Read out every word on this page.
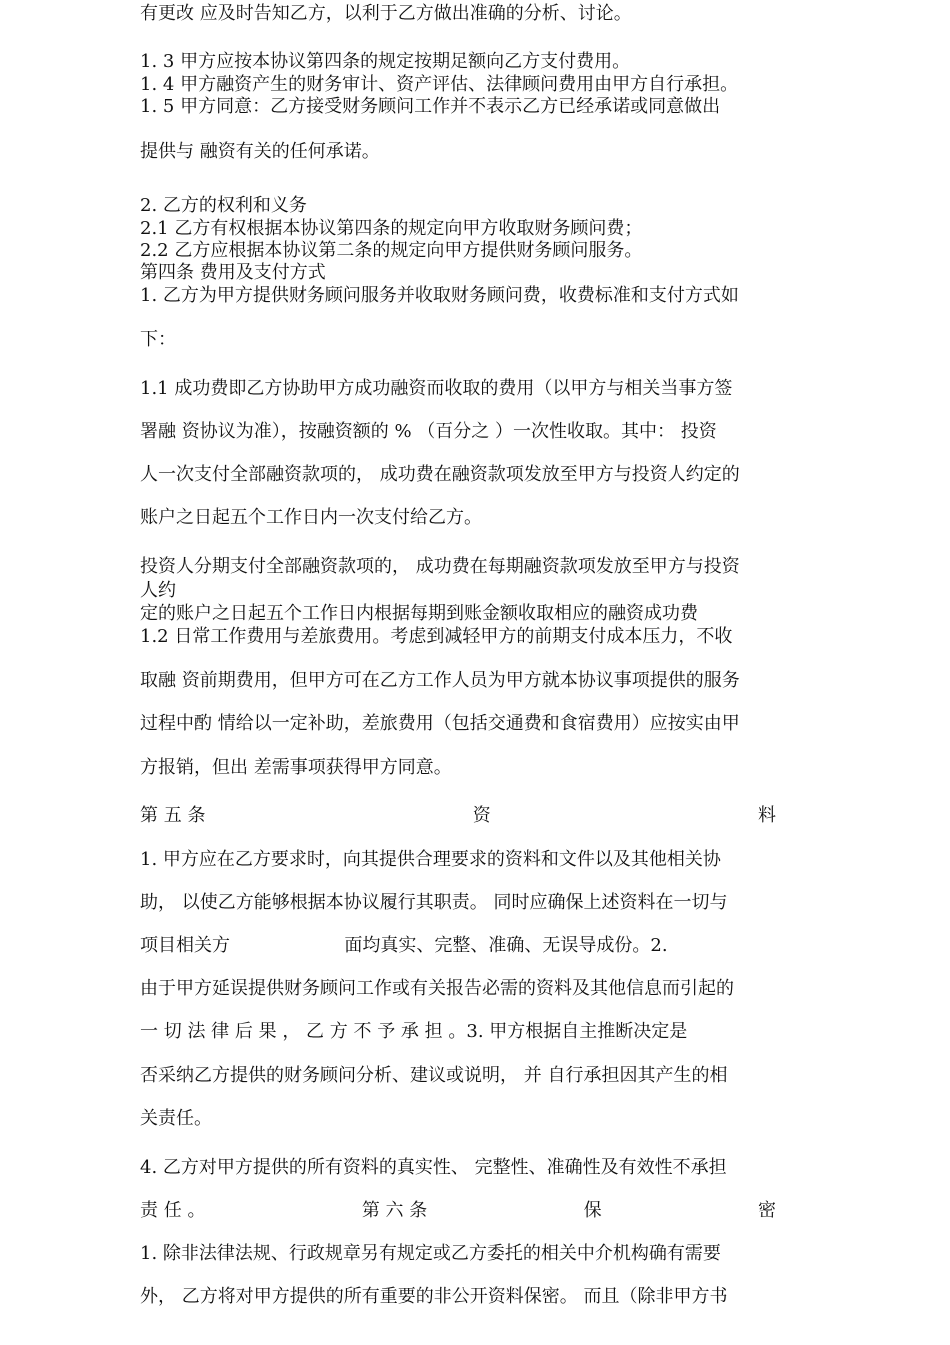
有更改 应及时告知乙方，以利于乙方做出准确的分析、讨论。

1. 3 甲方应按本协议第四条的规定按期足额向乙方支付费用。

1. 4 甲方融资产生的财务审计、资产评估、法律顾问费用由甲方自行承担。

1. 5 甲方同意：乙方接受财务顾问工作并不表示乙方已经承诺或同意做出

提供与 融资有关的任何承诺。

2. 乙方的权利和义务

2.1 乙方有权根据本协议第四条的规定向甲方收取财务顾问费；

2.2 乙方应根据本协议第二条的规定向甲方提供财务顾问服务。

第四条 费用及支付方式

1. 乙方为甲方提供财务顾问服务并收取财务顾问费，收费标准和支付方式如

下：

1.1 成功费即乙方协助甲方成功融资而收取的费用（以甲方与相关当事方签

署融 资协议为准），按融资额的 % （百分之 ）一次性收取。其中： 投资

人一次支付全部融资款项的， 成功费在融资款项发放至甲方与投资人约定的

账户之日起五个工作日内一次支付给乙方。

投资人分期支付全部融资款项的， 成功费在每期融资款项发放至甲方与投资

人约

定的账户之日起五个工作日内根据每期到账金额收取相应的融资成功费

1.2 日常工作费用与差旅费用。考虑到减轻甲方的前期支付成本压力，不收

取融 资前期费用，但甲方可在乙方工作人员为甲方就本协议事项提供的服务

过程中酌 情给以一定补助，差旅费用（包括交通费和食宿费用）应按实由甲

方报销，但出 差需事项获得甲方同意。

第 五 条	资	料

1. 甲方应在乙方要求时，向其提供合理要求的资料和文件以及其他相关协

助， 以使乙方能够根据本协议履行其职责。 同时应确保上述资料在一切与

项目相关方                    面均真实、完整、准确、无误导成份。2.

由于甲方延误提供财务顾问工作或有关报告必需的资料及其他信息而引起的

一 切 法 律 后 果 ， 乙 方 不 予 承 担 。3. 甲方根据自主推断决定是

否采纳乙方提供的财务顾问分析、建议或说明， 并 自行承担因其产生的相

关责任。

4. 乙方对甲方提供的所有资料的真实性、 完整性、准确性及有效性不承担

责 任 。	第 六 条	保	密

1. 除非法律法规、行政规章另有规定或乙方委托的相关中介机构确有需要

外， 乙方将对甲方提供的所有重要的非公开资料保密。 而且（除非甲方书
